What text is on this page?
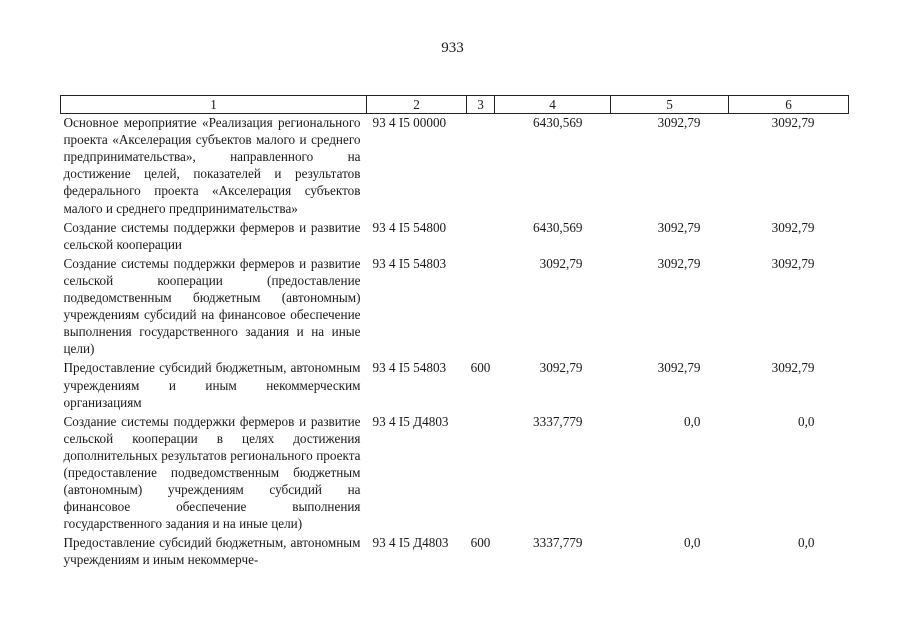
933
1	2	3	4	5	6
Основное мероприятие «Реализация регионального проекта «Акселерация субъектов малого и среднего предпринимательства», направленного на достижение целей, показателей и результатов федерального проекта «Акселерация субъектов малого и среднего предпринимательства»	93 4 I5 00000		6430,569	3092,79	3092,79
Создание системы поддержки фермеров и развитие сельской кооперации	93 4 I5 54800		6430,569	3092,79	3092,79
Создание системы поддержки фермеров и развитие сельской кооперации (предоставление подведомственным бюджетным (автономным) учреждениям субсидий на финансовое обеспечение выполнения государственного задания и на иные цели)	93 4 I5 54803		3092,79	3092,79	3092,79
Предоставление субсидий бюджетным, автономным учреждениям и иным некоммерческим организациям	93 4 I5 54803	600	3092,79	3092,79	3092,79
Создание системы поддержки фермеров и развитие сельской кооперации в целях достижения дополнительных результатов регионального проекта (предоставление подведомственным бюджетным (автономным) учреждениям субсидий на финансовое обеспечение выполнения государственного задания и на иные цели)	93 4 I5 Д4803		3337,779	0,0	0,0
Предоставление субсидий бюджетным, автономным учреждениям и иным некоммерче-	93 4 I5 Д4803	600	3337,779	0,0	0,0
